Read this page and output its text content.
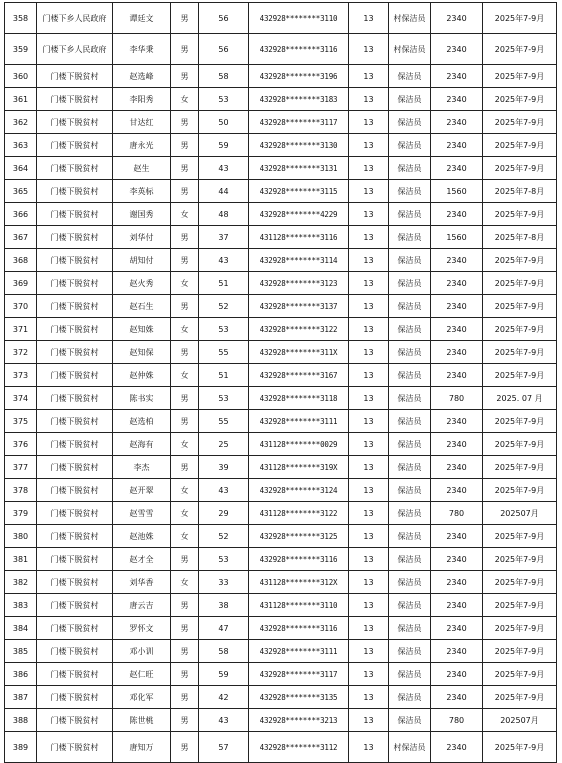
358	门楼下乡人民政府	谭廷文	男	56	432928********3110	13	村保洁员	2340	2025年7-9月
359	门楼下乡人民政府	李华秉	男	56	432928********3116	13	村保洁员	2340	2025年7-9月
360	门楼下脱贫村	赵选峰	男	58	432928********3196	13	保洁员	2340	2025年7-9月
361	门楼下脱贫村	李阳秀	女	53	432928********3183	13	保洁员	2340	2025年7-9月
362	门楼下脱贫村	甘达红	男	50	432928********3117	13	保洁员	2340	2025年7-9月
363	门楼下脱贫村	唐永光	男	59	432928********3130	13	保洁员	2340	2025年7-9月
364	门楼下脱贫村	赵生	男	43	432928********3131	13	保洁员	2340	2025年7-9月
365	门楼下脱贫村	李英标	男	44	432928********3115	13	保洁员	1560	2025年7-8月
366	门楼下脱贫村	谢国秀	女	48	432928********4229	13	保洁员	2340	2025年7-9月
367	门楼下脱贫村	刘华付	男	37	431128********3116	13	保洁员	1560	2025年7-8月
368	门楼下脱贫村	胡知付	男	43	432928********3114	13	保洁员	2340	2025年7-9月
369	门楼下脱贫村	赵火秀	女	51	432928********3123	13	保洁员	2340	2025年7-9月
370	门楼下脱贫村	赵石生	男	52	432928********3137	13	保洁员	2340	2025年7-9月
371	门楼下脱贫村	赵知姝	女	53	432928********3122	13	保洁员	2340	2025年7-9月
372	门楼下脱贫村	赵知保	男	55	432928********311X	13	保洁员	2340	2025年7-9月
373	门楼下脱贫村	赵仲姝	女	51	432928********3167	13	保洁员	2340	2025年7-9月
374	门楼下脱贫村	陈书实	男	53	432928********3118	13	保洁员	780	2025. 07 月
375	门楼下脱贫村	赵选柏	男	55	432928********3111	13	保洁员	2340	2025年7-9月
376	门楼下脱贫村	赵海有	女	25	431128********0029	13	保洁员	2340	2025年7-9月
377	门楼下脱贫村	李杰	男	39	431128********319X	13	保洁员	2340	2025年7-9月
378	门楼下脱贫村	赵开翠	女	43	432928********3124	13	保洁员	2340	2025年7-9月
379	门楼下脱贫村	赵雪雪	女	29	431128********3122	13	保洁员	780	202507月
380	门楼下脱贫村	赵池姝	女	52	432928********3125	13	保洁员	2340	2025年7-9月
381	门楼下脱贫村	赵才全	男	53	432928********3116	13	保洁员	2340	2025年7-9月
382	门楼下脱贫村	刘华香	女	33	431128********312X	13	保洁员	2340	2025年7-9月
383	门楼下脱贫村	唐云吉	男	38	431128********3110	13	保洁员	2340	2025年7-9月
384	门楼下脱贫村	罗怀文	男	47	432928********3116	13	保洁员	2340	2025年7-9月
385	门楼下脱贫村	邓小训	男	58	432928********3111	13	保洁员	2340	2025年7-9月
386	门楼下脱贫村	赵仁旺	男	59	432928********3117	13	保洁员	2340	2025年7-9月
387	门楼下脱贫村	邓化军	男	42	432928********3135	13	保洁员	2340	2025年7-9月
388	门楼下脱贫村	陈世桃	男	43	432928********3213	13	保洁员	780	202507月
389	门楼下脱贫村	唐知万	男	57	432928********3112	13	村保洁员	2340	2025年7-9月
